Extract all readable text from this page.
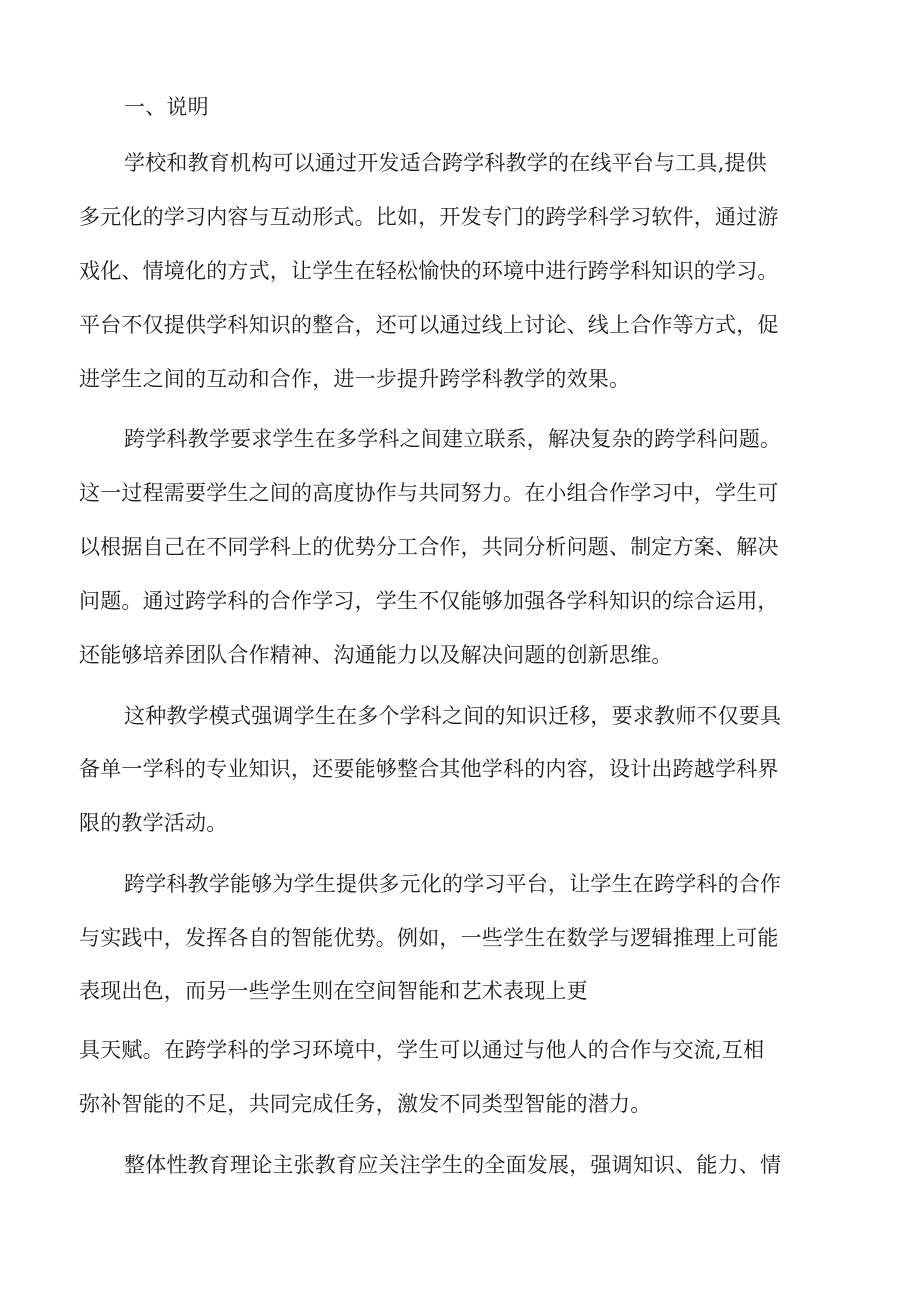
一、说明
学校和教育机构可以通过开发适合跨学科教学的在线平台与工具,提供
多元化的学习内容与互动形式。比如，开发专门的跨学科学习软件，通过游
戏化、情境化的方式，让学生在轻松愉快的环境中进行跨学科知识的学习。
平台不仅提供学科知识的整合，还可以通过线上讨论、线上合作等方式，促
进学生之间的互动和合作，进一步提升跨学科教学的效果。
跨学科教学要求学生在多学科之间建立联系，解决复杂的跨学科问题。
这一过程需要学生之间的高度协作与共同努力。在小组合作学习中，学生可
以根据自己在不同学科上的优势分工合作，共同分析问题、制定方案、解决
问题。通过跨学科的合作学习，学生不仅能够加强各学科知识的综合运用，
还能够培养团队合作精神、沟通能力以及解决问题的创新思维。
这种教学模式强调学生在多个学科之间的知识迁移，要求教师不仅要具
备单一学科的专业知识，还要能够整合其他学科的内容，设计出跨越学科界
限的教学活动。
跨学科教学能够为学生提供多元化的学习平台，让学生在跨学科的合作
与实践中，发挥各自的智能优势。例如，一些学生在数学与逻辑推理上可能
表现出色，而另一些学生则在空间智能和艺术表现上更
具天赋。在跨学科的学习环境中，学生可以通过与他人的合作与交流,互相
弥补智能的不足，共同完成任务，激发不同类型智能的潜力。
整体性教育理论主张教育应关注学生的全面发展，强调知识、能力、情
